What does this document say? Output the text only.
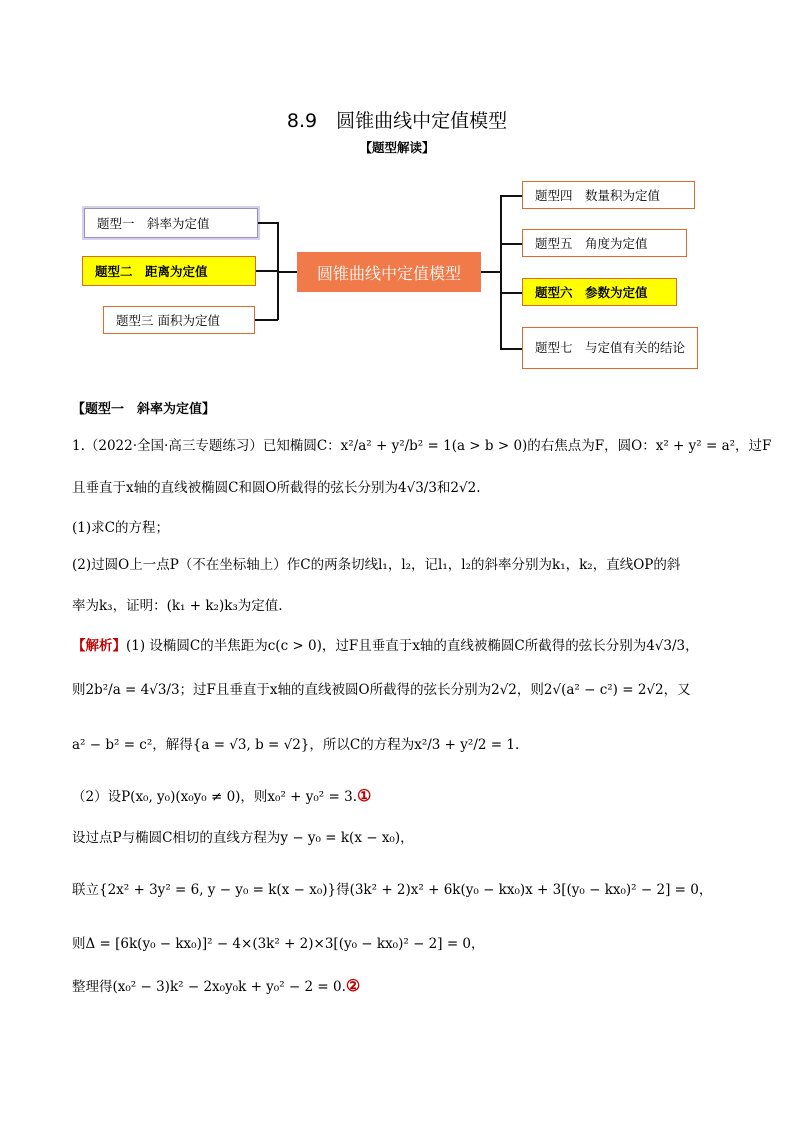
8.9　圆锥曲线中定值模型
【题型解读】
题型一　斜率为定值
题型二　距离为定值
题型三 面积为定值
圆锥曲线中定值模型
题型四　数量积为定值
题型五　角度为定值
题型六　参数为定值
题型七　与定值有关的结论
【题型一　斜率为定值】
1.（2022·全国·高三专题练习）已知椭圆C：x²/a² + y²/b² = 1(a > b > 0)的右焦点为F，圆O：x² + y² = a²，过F
且垂直于x轴的直线被椭圆C和圆O所截得的弦长分别为4√3/3和2√2.
(1)求C的方程；
(2)过圆O上一点P（不在坐标轴上）作C的两条切线l₁，l₂，记l₁，l₂的斜率分别为k₁，k₂，直线OP的斜
率为k₃，证明：(k₁ + k₂)k₃为定值.
【解析】(1) 设椭圆C的半焦距为c(c > 0)，过F且垂直于x轴的直线被椭圆C所截得的弦长分别为4√3/3，
则2b²/a = 4√3/3；过F且垂直于x轴的直线被圆O所截得的弦长分别为2√2，则2√(a² − c²) = 2√2，又
a² − b² = c²，解得{a = √3, b = √2}，所以C的方程为x²/3 + y²/2 = 1.
（2）设P(x₀, y₀)(x₀y₀ ≠ 0)，则x₀² + y₀² = 3.①
设过点P与椭圆C相切的直线方程为y − y₀ = k(x − x₀)，
联立{2x² + 3y² = 6, y − y₀ = k(x − x₀)}得(3k² + 2)x² + 6k(y₀ − kx₀)x + 3[(y₀ − kx₀)² − 2] = 0，
则Δ = [6k(y₀ − kx₀)]² − 4×(3k² + 2)×3[(y₀ − kx₀)² − 2] = 0，
整理得(x₀² − 3)k² − 2x₀y₀k + y₀² − 2 = 0.②
